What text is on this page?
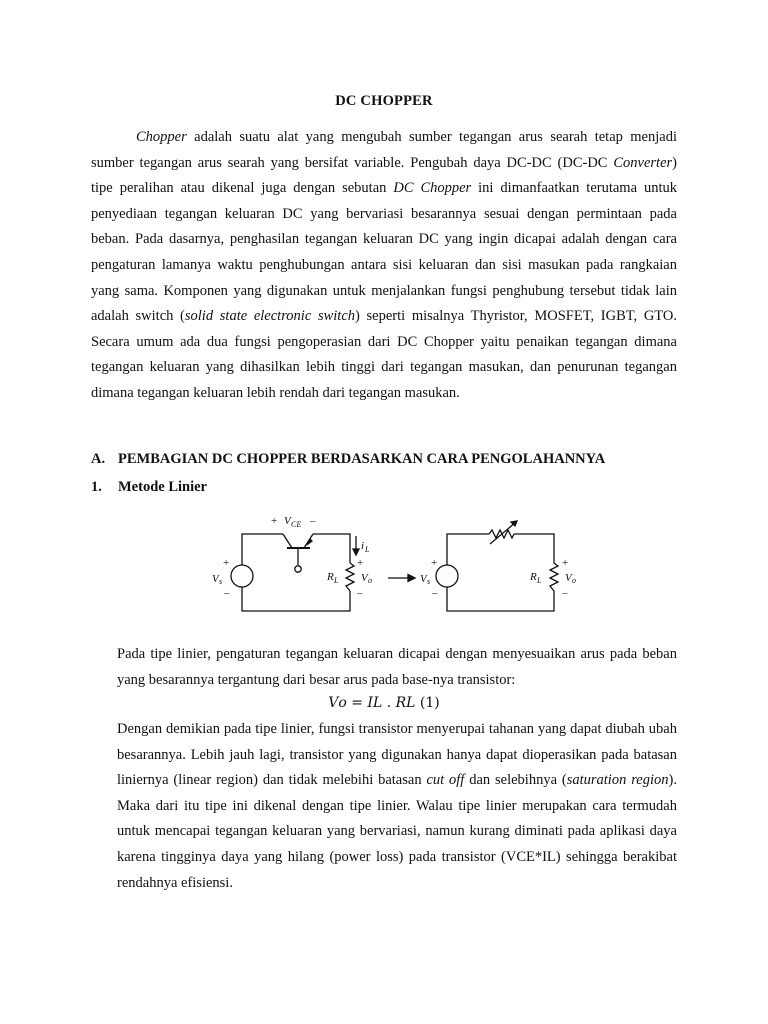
DC CHOPPER
Chopper adalah suatu alat yang mengubah sumber tegangan arus searah tetap menjadi sumber tegangan arus searah yang bersifat variable. Pengubah daya DC-DC (DC-DC Converter) tipe peralihan atau dikenal juga dengan sebutan DC Chopper ini dimanfaatkan terutama untuk penyediaan tegangan keluaran DC yang bervariasi besarannya sesuai dengan permintaan pada beban. Pada dasarnya, penghasilan tegangan keluaran DC yang ingin dicapai adalah dengan cara pengaturan lamanya waktu penghubungan antara sisi keluaran dan sisi masukan pada rangkaian yang sama. Komponen yang digunakan untuk menjalankan fungsi penghubung tersebut tidak lain adalah switch (solid state electronic switch) seperti misalnya Thyristor, MOSFET, IGBT, GTO. Secara umum ada dua fungsi pengoperasian dari DC Chopper yaitu penaikan tegangan dimana tegangan keluaran yang dihasilkan lebih tinggi dari tegangan masukan, dan penurunan tegangan dimana tegangan keluaran lebih rendah dari tegangan masukan.
A. PEMBAGIAN DC CHOPPER BERDASARKAN CARA PENGOLAHANNYA
1. Metode Linier
+ V CE –
i L
+
R L V o
–
+
V s
–
+
V s
–
R L
+
V o
–
Pada tipe linier, pengaturan tegangan keluaran dicapai dengan menyesuaikan arus pada beban yang besarannya tergantung dari besar arus pada base-nya transistor:
𝑉𝑜 = 𝐼𝐿 . 𝑅𝐿 (1)
Dengan demikian pada tipe linier, fungsi transistor menyerupai tahanan yang dapat diubah ubah besarannya. Lebih jauh lagi, transistor yang digunakan hanya dapat dioperasikan pada batasan liniernya (linear region) dan tidak melebihi batasan cut off dan selebihnya (saturation region). Maka dari itu tipe ini dikenal dengan tipe linier. Walau tipe linier merupakan cara termudah untuk mencapai tegangan keluaran yang bervariasi, namun kurang diminati pada aplikasi daya karena tingginya daya yang hilang (power loss) pada transistor (VCE*IL) sehingga berakibat rendahnya efisiensi.
